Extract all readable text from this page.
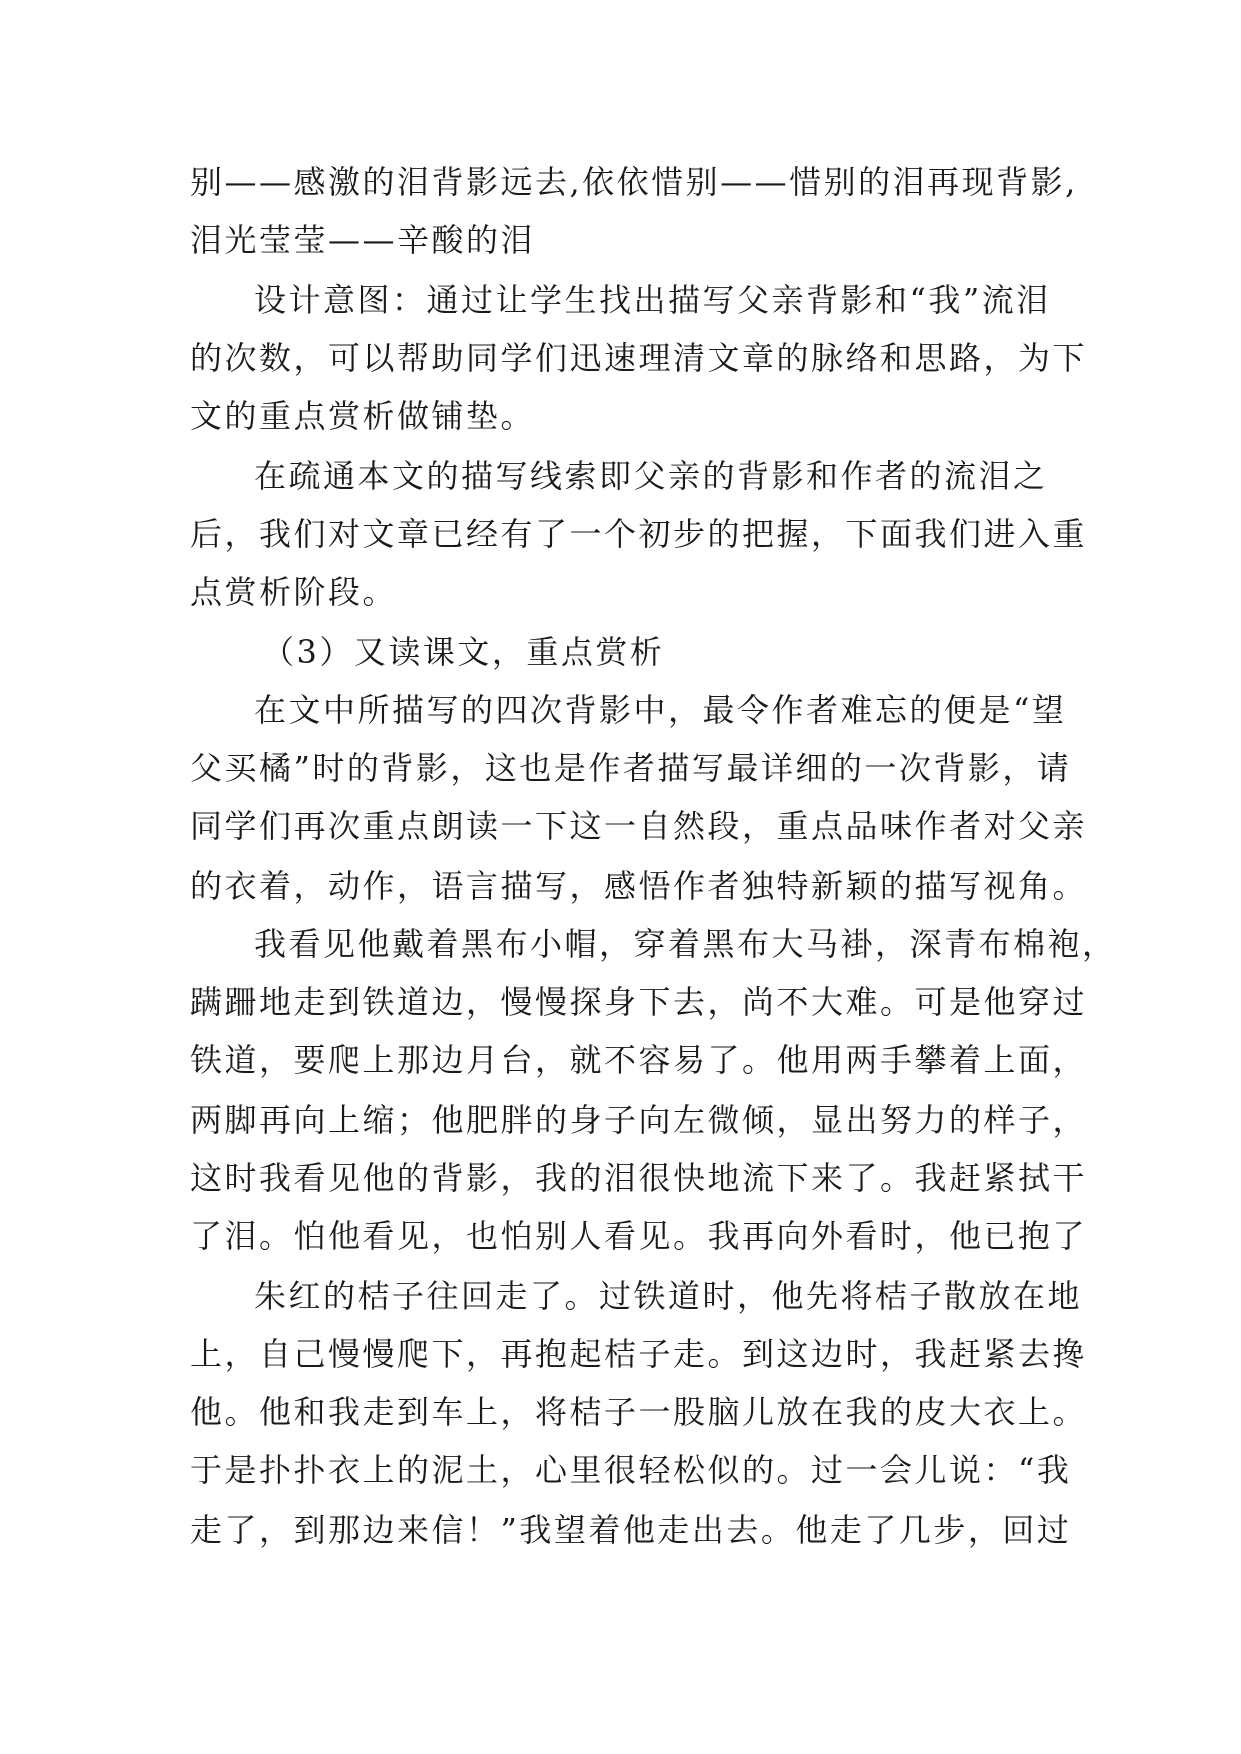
别——感激的泪背影远去,依依惜别——惜别的泪再现背影,

泪光莹莹——辛酸的泪

设计意图：通过让学生找出描写父亲背影和“我”流泪

的次数，可以帮助同学们迅速理清文章的脉络和思路，为下

文的重点赏析做铺垫。

在疏通本文的描写线索即父亲的背影和作者的流泪之

后，我们对文章已经有了一个初步的把握，下面我们进入重

点赏析阶段。

（3）又读课文，重点赏析

在文中所描写的四次背影中，最令作者难忘的便是“望

父买橘”时的背影，这也是作者描写最详细的一次背影，请

同学们再次重点朗读一下这一自然段，重点品味作者对父亲

的衣着，动作，语言描写，感悟作者独特新颖的描写视角。

我看见他戴着黑布小帽，穿着黑布大马褂，深青布棉袍，

蹒跚地走到铁道边，慢慢探身下去，尚不大难。可是他穿过

铁道，要爬上那边月台，就不容易了。他用两手攀着上面，

两脚再向上缩；他肥胖的身子向左微倾，显出努力的样子，

这时我看见他的背影，我的泪很快地流下来了。我赶紧拭干

了泪。怕他看见，也怕别人看见。我再向外看时，他已抱了

朱红的桔子往回走了。过铁道时，他先将桔子散放在地

上，自己慢慢爬下，再抱起桔子走。到这边时，我赶紧去搀

他。他和我走到车上，将桔子一股脑儿放在我的皮大衣上。

于是扑扑衣上的泥土，心里很轻松似的。过一会儿说：“我

走了，到那边来信！”我望着他走出去。他走了几步，回过
